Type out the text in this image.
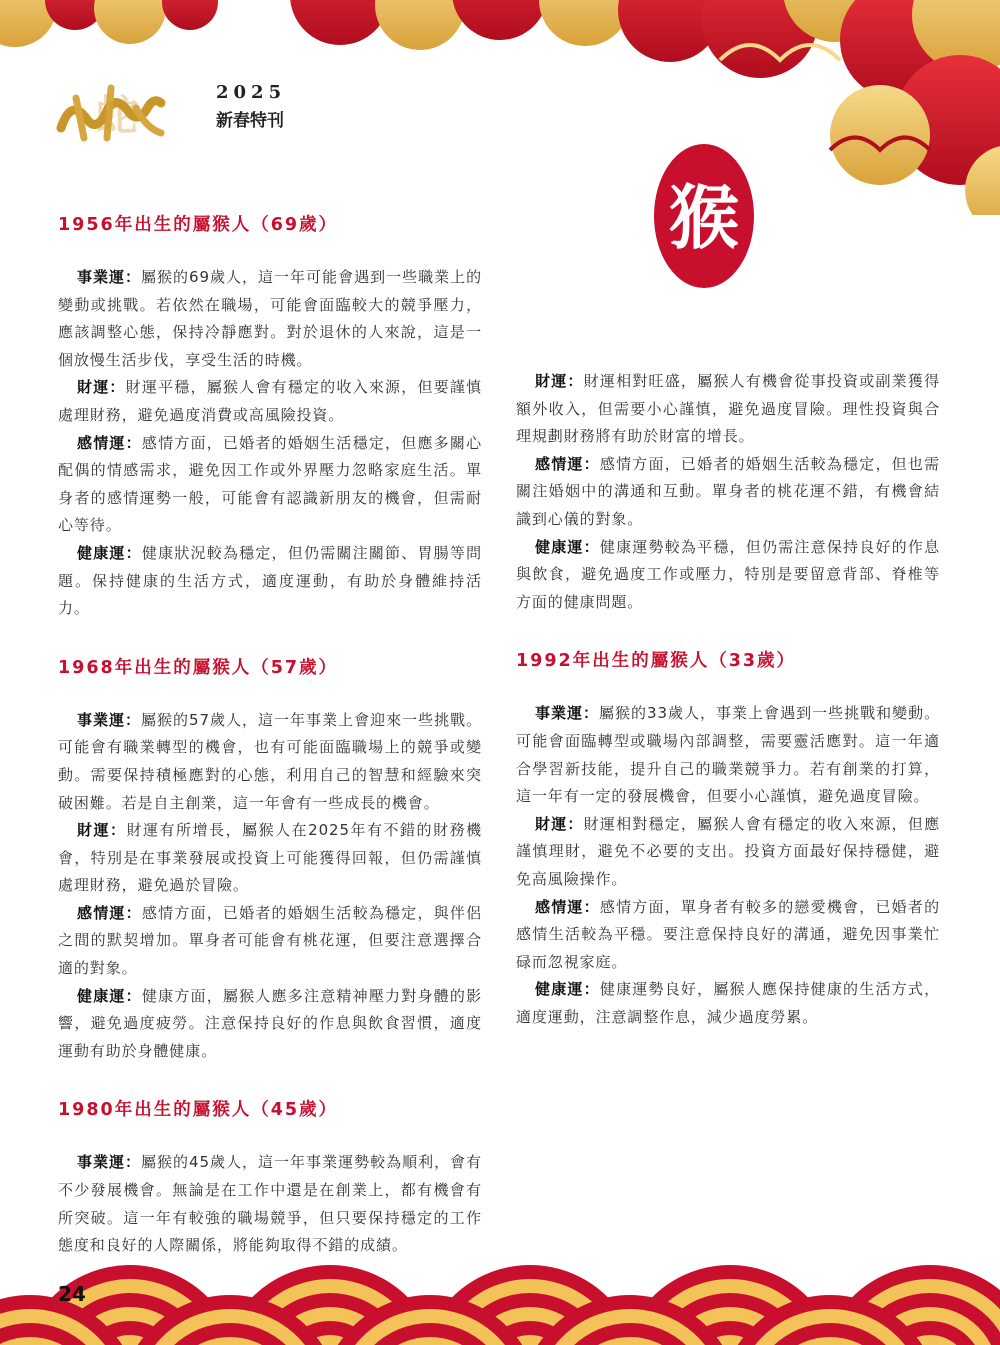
蛇	2025
新春特刊
猴
1956年出生的屬猴人（69歲）

事業運：屬猴的69歲人，這一年可能會遇到一些職業上的變動或挑戰。若依然在職場，可能會面臨較大的競爭壓力，應該調整心態，保持冷靜應對。對於退休的人來說，這是一個放慢生活步伐，享受生活的時機。

財運：財運平穩，屬猴人會有穩定的收入來源，但要謹慎處理財務，避免過度消費或高風險投資。

感情運：感情方面，已婚者的婚姻生活穩定，但應多關心配偶的情感需求，避免因工作或外界壓力忽略家庭生活。單身者的感情運勢一般，可能會有認識新朋友的機會，但需耐心等待。

健康運：健康狀況較為穩定，但仍需關注關節、胃腸等問題。保持健康的生活方式，適度運動，有助於身體維持活力。

1968年出生的屬猴人（57歲）

事業運：屬猴的57歲人，這一年事業上會迎來一些挑戰。可能會有職業轉型的機會，也有可能面臨職場上的競爭或變動。需要保持積極應對的心態，利用自己的智慧和經驗來突破困難。若是自主創業，這一年會有一些成長的機會。

財運：財運有所增長，屬猴人在2025年有不錯的財務機會，特別是在事業發展或投資上可能獲得回報，但仍需謹慎處理財務，避免過於冒險。

感情運：感情方面，已婚者的婚姻生活較為穩定，與伴侶之間的默契增加。單身者可能會有桃花運，但要注意選擇合適的對象。

健康運：健康方面，屬猴人應多注意精神壓力對身體的影響，避免過度疲勞。注意保持良好的作息與飲食習慣，適度運動有助於身體健康。

1980年出生的屬猴人（45歲）

事業運：屬猴的45歲人，這一年事業運勢較為順利，會有不少發展機會。無論是在工作中還是在創業上，都有機會有所突破。這一年有較強的職場競爭，但只要保持穩定的工作態度和良好的人際關係，將能夠取得不錯的成績。

財運：財運相對旺盛，屬猴人有機會從事投資或副業獲得額外收入，但需要小心謹慎，避免過度冒險。理性投資與合理規劃財務將有助於財富的增長。

感情運：感情方面，已婚者的婚姻生活較為穩定，但也需關注婚姻中的溝通和互動。單身者的桃花運不錯，有機會結識到心儀的對象。

健康運：健康運勢較為平穩，但仍需注意保持良好的作息與飲食，避免過度工作或壓力，特別是要留意背部、脊椎等方面的健康問題。

1992年出生的屬猴人（33歲）

事業運：屬猴的33歲人，事業上會遇到一些挑戰和變動。可能會面臨轉型或職場內部調整，需要靈活應對。這一年適合學習新技能，提升自己的職業競爭力。若有創業的打算，這一年有一定的發展機會，但要小心謹慎，避免過度冒險。

財運：財運相對穩定，屬猴人會有穩定的收入來源，但應謹慎理財，避免不必要的支出。投資方面最好保持穩健，避免高風險操作。

感情運：感情方面，單身者有較多的戀愛機會，已婚者的感情生活較為平穩。要注意保持良好的溝通，避免因事業忙碌而忽視家庭。

健康運：健康運勢良好，屬猴人應保持健康的生活方式，適度運動，注意調整作息，減少過度勞累。

24
